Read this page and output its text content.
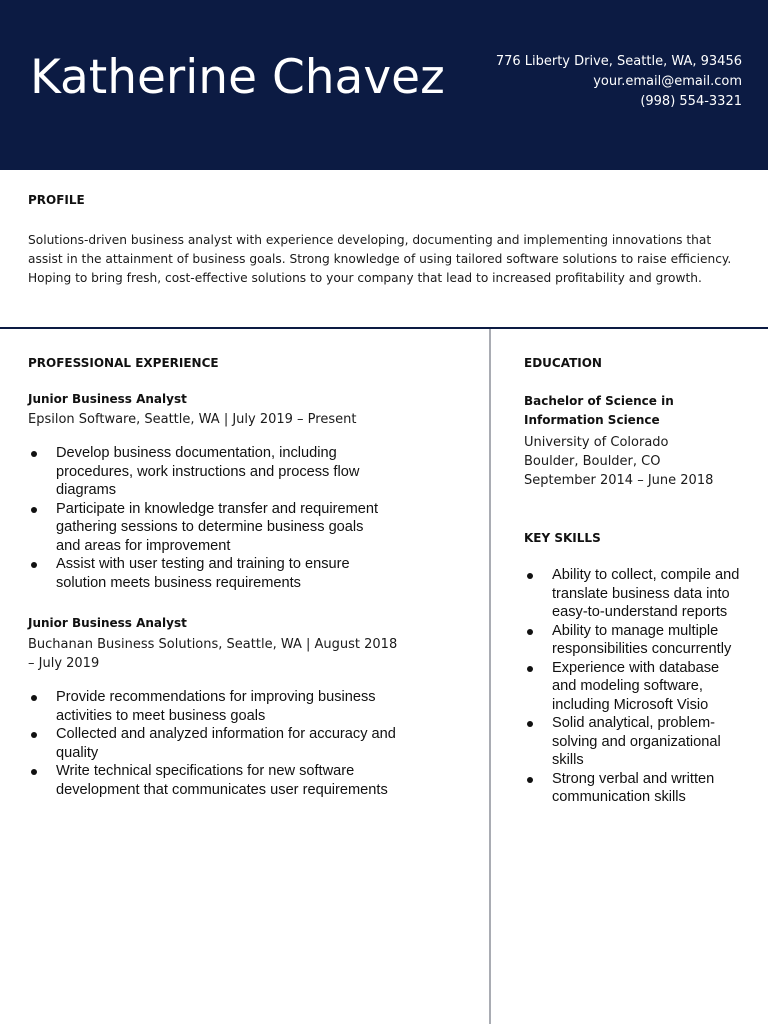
Katherine Chavez	776 Liberty Drive, Seattle, WA, 93456
your.email@email.com
(998) 554-3321
PROFILE
Solutions-driven business analyst with experience developing, documenting and implementing innovations that assist in the attainment of business goals. Strong knowledge of using tailored software solutions to raise efficiency. Hoping to bring fresh, cost-effective solutions to your company that lead to increased profitability and growth.
PROFESSIONAL EXPERIENCE
Junior Business Analyst
Epsilon Software, Seattle, WA | July 2019 – Present
Develop business documentation, including procedures, work instructions and process flow diagrams
Participate in knowledge transfer and requirement gathering sessions to determine business goals and areas for improvement
Assist with user testing and training to ensure solution meets business requirements
Junior Business Analyst
Buchanan Business Solutions, Seattle, WA | August 2018 – July 2019
Provide recommendations for improving business activities to meet business goals
Collected and analyzed information for accuracy and quality
Write technical specifications for new software development that communicates user requirements
EDUCATION
Bachelor of Science in Information Science
University of Colorado Boulder, Boulder, CO
September 2014 – June 2018
KEY SKILLS
Ability to collect, compile and translate business data into easy-to-understand reports
Ability to manage multiple responsibilities concurrently
Experience with database and modeling software, including Microsoft Visio
Solid analytical, problem-solving and organizational skills
Strong verbal and written communication skills
